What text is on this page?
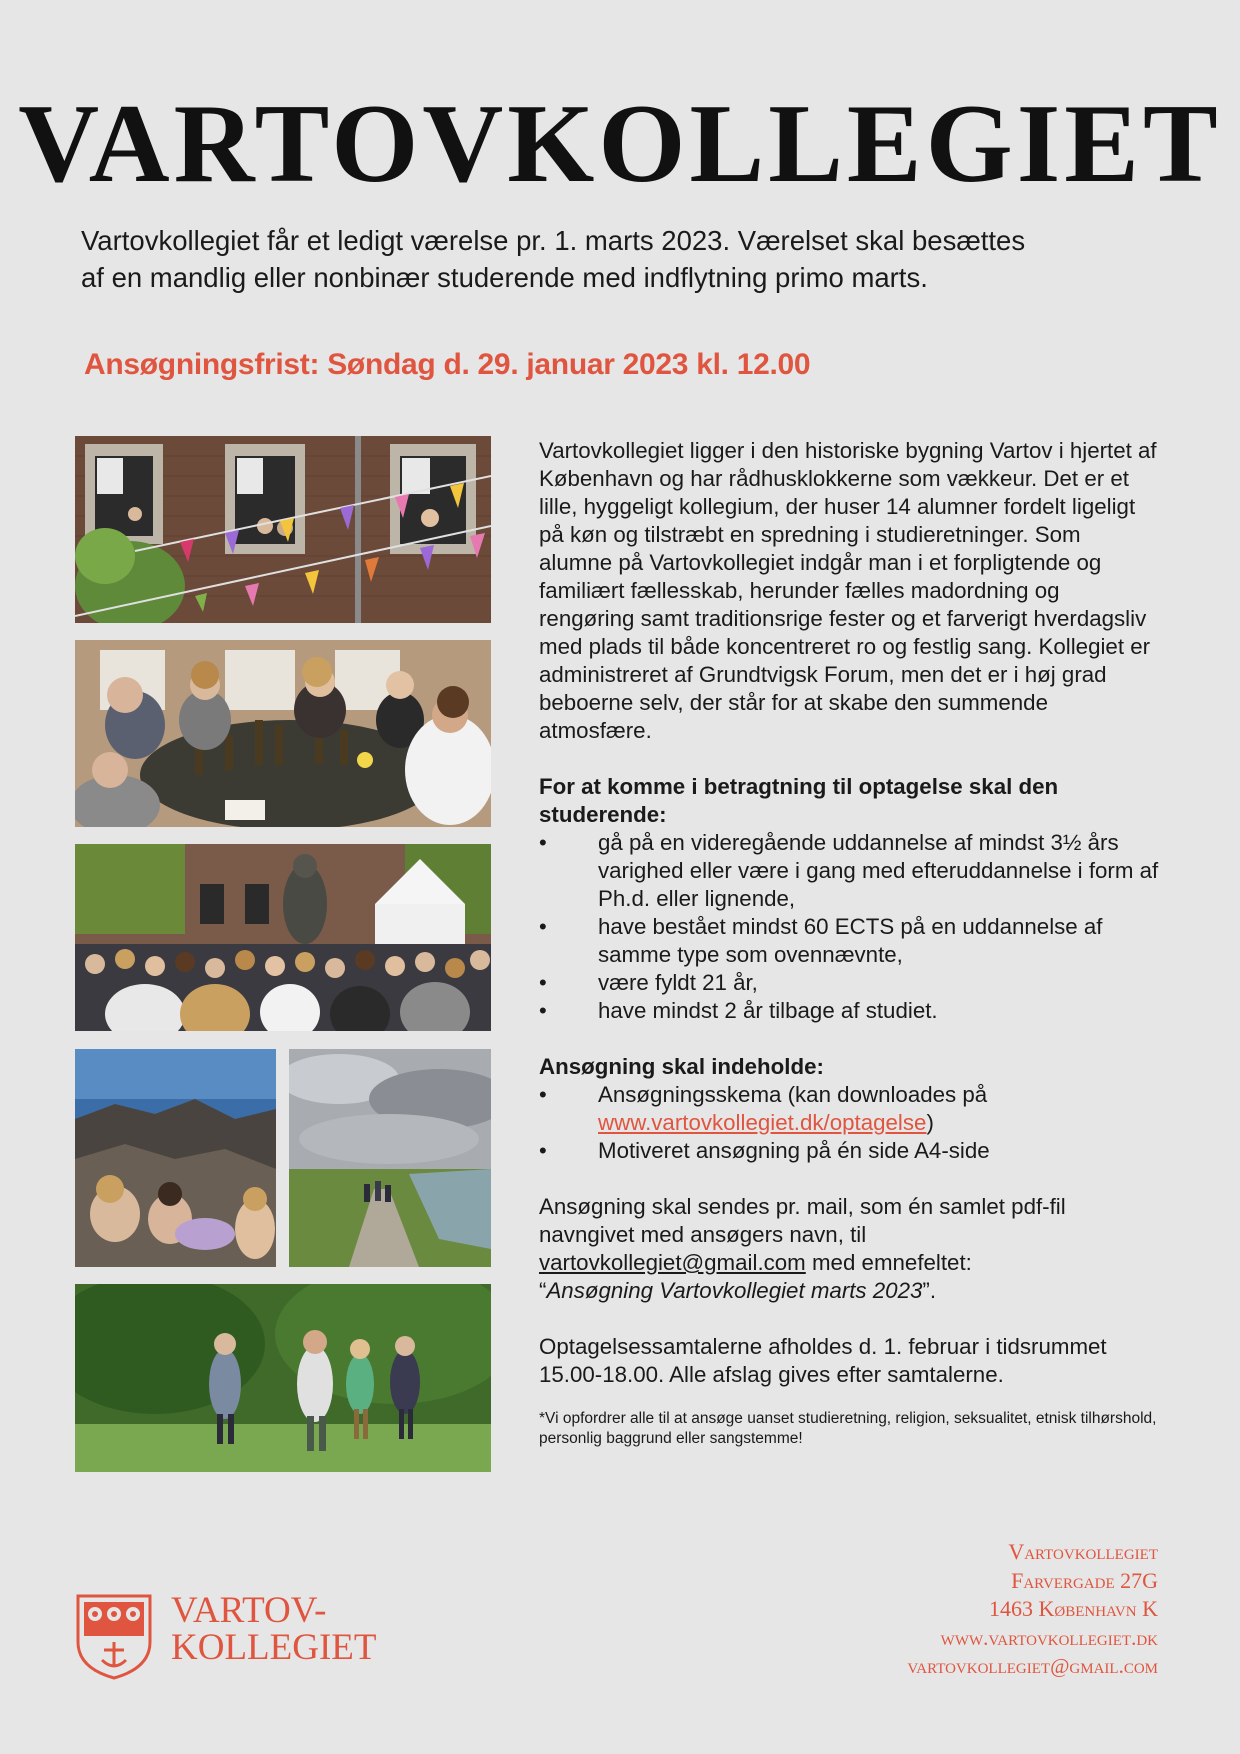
VARTOVKOLLEGIET
Vartovkollegiet får et ledigt værelse pr. 1. marts 2023. Værelset skal besættes
af en mandlig eller nonbinær studerende med indflytning primo marts.
Ansøgningsfrist: Søndag d. 29. januar 2023 kl. 12.00

Vartovkollegiet ligger i den historiske bygning Vartov i hjertet af København og har rådhusklokkerne som vækkeur. Det er et lille, hyggeligt kollegium, der huser 14 alumner fordelt ligeligt på køn og tilstræbt en spredning i studieretninger. Som alumne på Vartovkollegiet indgår man i et forpligtende og familiært fællesskab, herunder fælles madordning og rengøring samt traditionsrige fester og et farverigt hverdagsliv med plads til både koncentreret ro og festlig sang. Kollegiet er administreret af Grundtvigsk Forum, men det er i høj grad beboerne selv, der står for at skabe den summende atmosfære.

For at komme i betragtning til optagelse skal den studerende:

• gå på en videregående uddannelse af mindst 3½ års varighed eller være i gang med efteruddannelse i form af Ph.d. eller lignende,
• have bestået mindst 60 ECTS på en uddannelse af samme type som ovennævnte,
• være fyldt 21 år,
• have mindst 2 år tilbage af studiet.

Ansøgning skal indeholde:

• Ansøgningsskema (kan downloades på
www.vartovkollegiet.dk/optagelse)
• Motiveret ansøgning på én side A4-side

Ansøgning skal sendes pr. mail, som én samlet pdf-fil navngivet med ansøgers navn, til
vartovkollegiet@gmail.com med emnefeltet:
“Ansøgning Vartovkollegiet marts 2023”.

Optagelsessamtalerne afholdes d. 1. februar i tidsrummet 15.00-18.00. Alle afslag gives efter samtalerne.

*Vi opfordrer alle til at ansøge uanset studieretning, religion, seksualitet, etnisk tilhørshold, personlig baggrund eller sangstemme!

VARTOV-
KOLLEGIET
Vartovkollegiet
Farvergade 27G
1463 København K
www.vartovkollegiet.dk
vartovkollegiet@gmail.com
